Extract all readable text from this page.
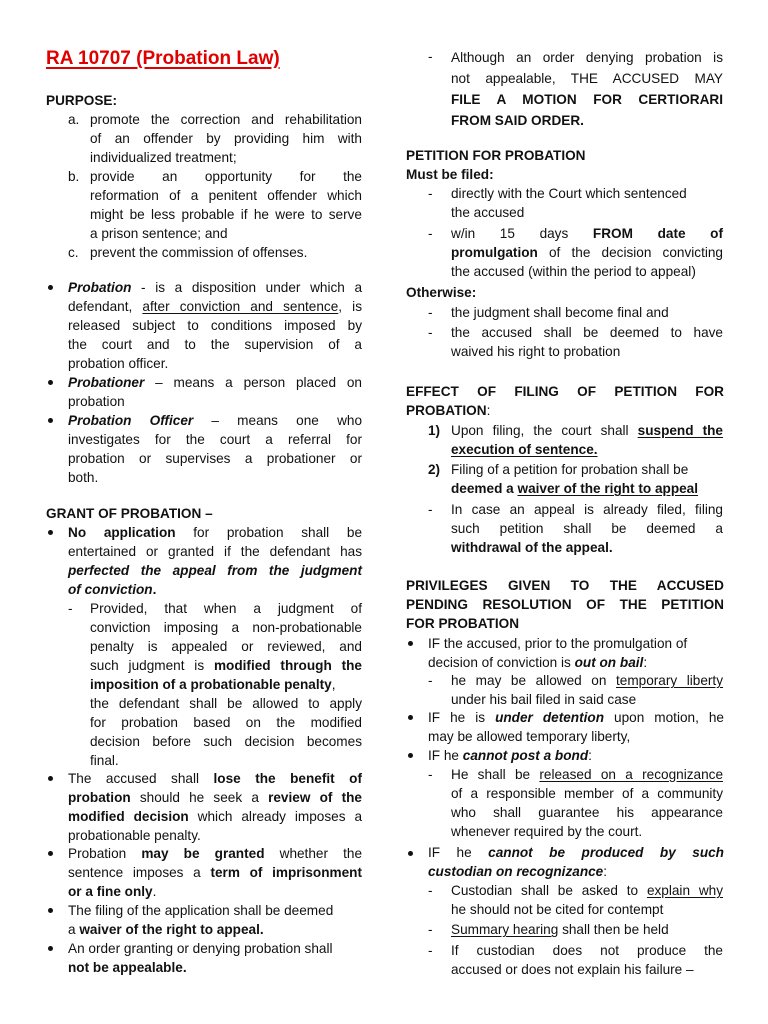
RA 10707 (Probation Law)
PURPOSE:
a. promote the correction and rehabilitation
of an offender by providing him with
individualized treatment;
b. provide an opportunity for the
reformation of a penitent offender which
might be less probable if he were to serve
a prison sentence; and
c. prevent the commission of offenses.
Probation - is a disposition under which a
defendant, after conviction and sentence, is
released subject to conditions imposed by
the court and to the supervision of a
probation officer.
Probationer – means a person placed on
probation
Probation Officer – means one who
investigates for the court a referral for
probation or supervises a probationer or
both.
GRANT OF PROBATION –
No application for probation shall be
entertained or granted if the defendant has
perfected the appeal from the judgment
of conviction.
- Provided, that when a judgment of
conviction imposing a non-probationable
penalty is appealed or reviewed, and
such judgment is modified through the
imposition of a probationable penalty,
the defendant shall be allowed to apply
for probation based on the modified
decision before such decision becomes
final.
The accused shall lose the benefit of
probation should he seek a review of the
modified decision which already imposes a
probationable penalty.
Probation may be granted whether the
sentence imposes a term of imprisonment
or a fine only.
The filing of the application shall be deemed
a waiver of the right to appeal.
An order granting or denying probation shall
not be appealable.
- Although an order denying probation is
not appealable, THE ACCUSED MAY
FILE A MOTION FOR CERTIORARI
FROM SAID ORDER.
PETITION FOR PROBATION
Must be filed:
- directly with the Court which sentenced
the accused
- w/in 15 days FROM date of
promulgation of the decision convicting
the accused (within the period to appeal)
Otherwise:
- the judgment shall become final and
- the accused shall be deemed to have
waived his right to probation
EFFECT OF FILING OF PETITION FOR
PROBATION:
1) Upon filing, the court shall suspend the
execution of sentence.
2) Filing of a petition for probation shall be
deemed a waiver of the right to appeal
- In case an appeal is already filed, filing
such petition shall be deemed a
withdrawal of the appeal.
PRIVILEGES GIVEN TO THE ACCUSED
PENDING RESOLUTION OF THE PETITION
FOR PROBATION
IF the accused, prior to the promulgation of
decision of conviction is out on bail:
- he may be allowed on temporary liberty
under his bail filed in said case
IF he is under detention upon motion, he
may be allowed temporary liberty,
IF he cannot post a bond:
- He shall be released on a recognizance
of a responsible member of a community
who shall guarantee his appearance
whenever required by the court.
IF he cannot be produced by such
custodian on recognizance:
- Custodian shall be asked to explain why
he should not be cited for contempt
- Summary hearing shall then be held
- If custodian does not produce the
accused or does not explain his failure –
